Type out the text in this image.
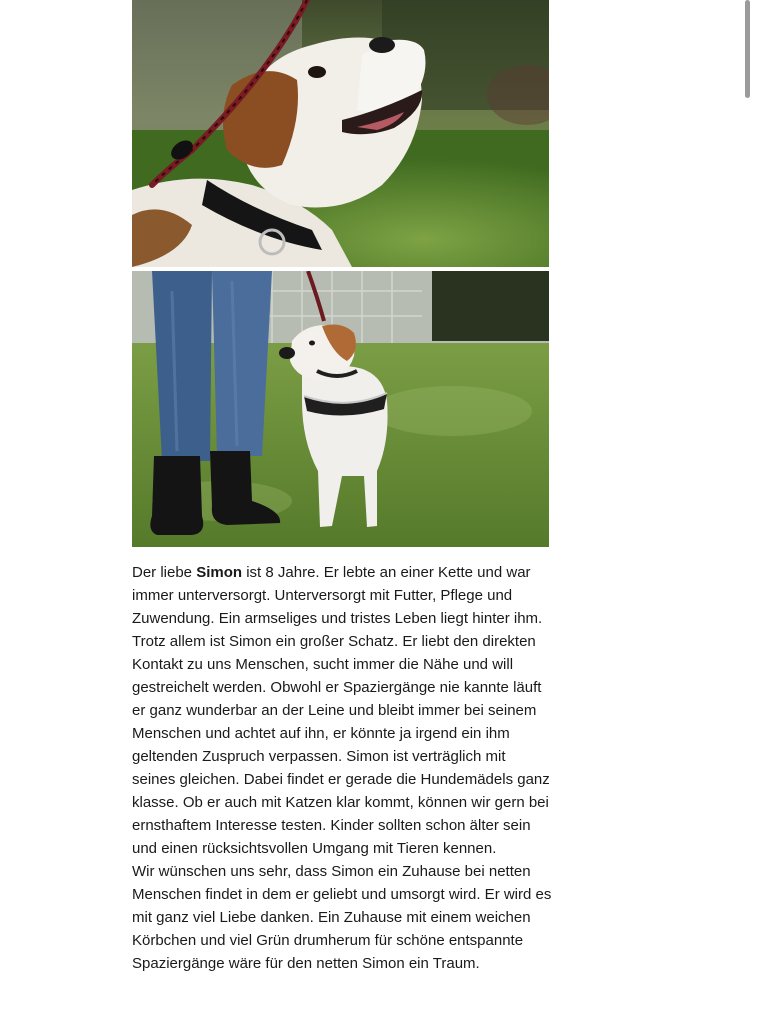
Der liebe Simon ist 8 Jahre. Er lebte an einer Kette und war immer unterversorgt. Unterversorgt mit Futter, Pflege und Zuwendung. Ein armseliges und tristes Leben liegt hinter ihm. Trotz allem ist Simon ein großer Schatz. Er liebt den direkten Kontakt zu uns Menschen, sucht immer die Nähe und will gestreichelt werden. Obwohl er Spaziergänge nie kannte läuft er ganz wunderbar an der Leine und bleibt immer bei seinem Menschen und achtet auf ihn, er könnte ja irgend ein ihm geltenden Zuspruch verpassen. Simon ist verträglich mit seines gleichen. Dabei findet er gerade die Hundemädels ganz klasse. Ob er auch mit Katzen klar kommt, können wir gern bei ernsthaftem Interesse testen. Kinder sollten schon älter sein und einen rücksichtsvollen Umgang mit Tieren kennen.

Wir wünschen uns sehr, dass Simon ein Zuhause bei netten Menschen findet in dem er geliebt und umsorgt wird. Er wird es mit ganz viel Liebe danken. Ein Zuhause mit einem weichen Körbchen und viel Grün drumherum für schöne entspannte Spaziergänge wäre für den netten Simon ein Traum.
